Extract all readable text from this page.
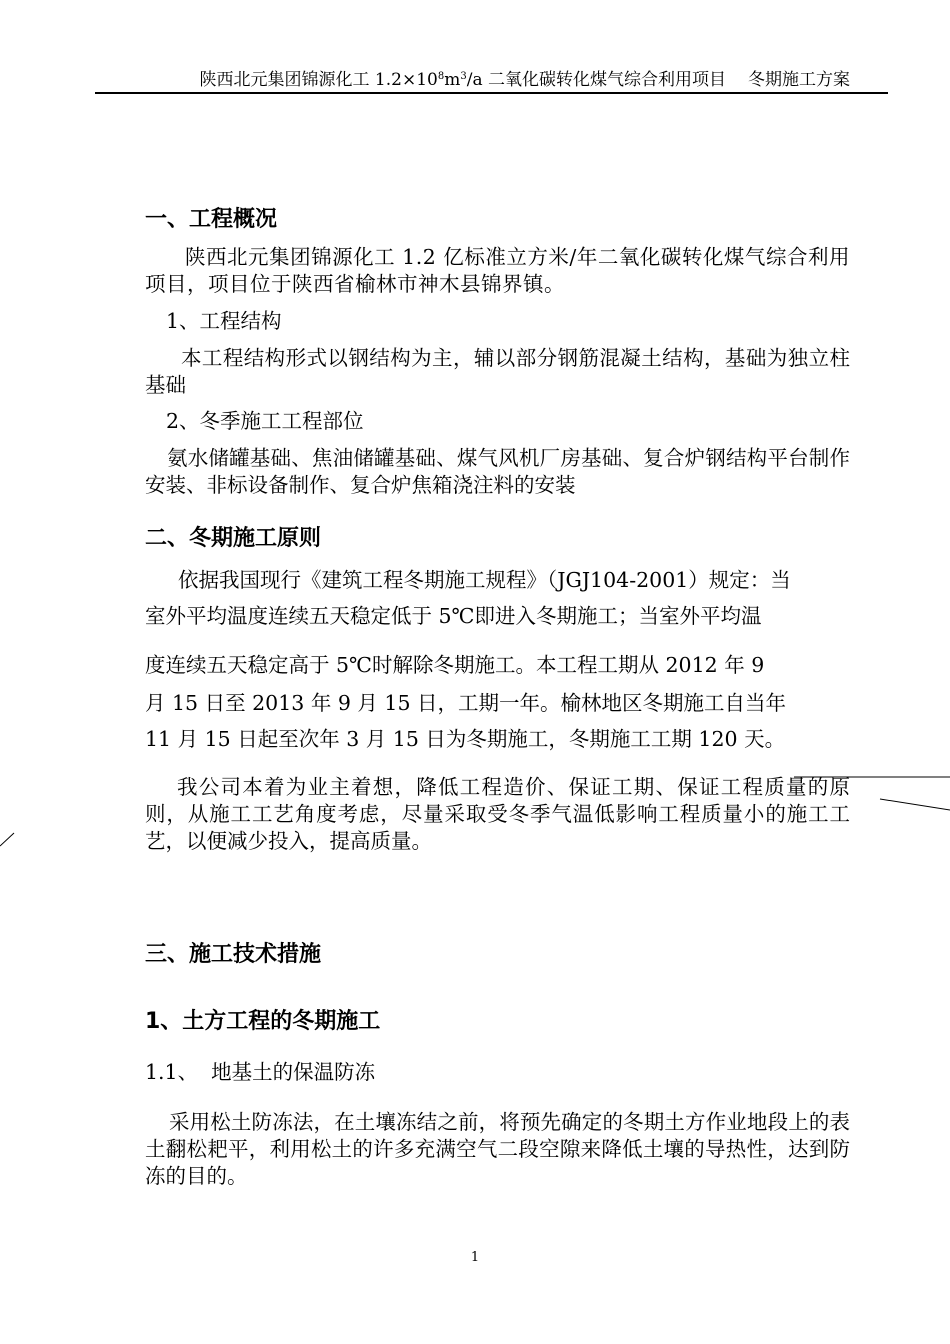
陕西北元集团锦源化工 $1.2\times 10^8m^3/a$ 二氧化碳转化煤气综合利用项目 冬期施工方案
一、工程概况
陕西北元集团锦源化工 1.2 亿标准立方米/年二氧化碳转化煤气综合利用项目，项目位于陕西省榆林市神木县锦界镇。
1、工程结构
本工程结构形式以钢结构为主，辅以部分钢筋混凝土结构，基础为独立柱基础
2、冬季施工工程部位
氨水储罐基础、焦油储罐基础、煤气风机厂房基础、复合炉钢结构平台制作安装、非标设备制作、复合炉焦箱浇注料的安装
二、冬期施工原则
依据我国现行《建筑工程冬期施工规程》（JGJ104-2001）规定：当
室外平均温度连续五天稳定低于 5℃即进入冬期施工；当室外平均温
度连续五天稳定高于 5℃时解除冬期施工。本工程工期从 2012 年 9
月 15 日至 2013 年 9 月 15 日，工期一年。榆林地区冬期施工自当年
11 月 15 日起至次年 3 月 15 日为冬期施工，冬期施工工期 120 天。
我公司本着为业主着想，降低工程造价、保证工期、保证工程质量的原则，从施工工艺角度考虑，尽量采取受冬季气温低影响工程质量小的施工工艺，以便减少投入，提高质量。
三、施工技术措施
1、土方工程的冬期施工
1.1、  地基土的保温防冻
采用松土防冻法，在土壤冻结之前，将预先确定的冬期土方作业地段上的表土翻松耙平，利用松土的许多充满空气二段空隙来降低土壤的导热性，达到防冻的目的。
1
